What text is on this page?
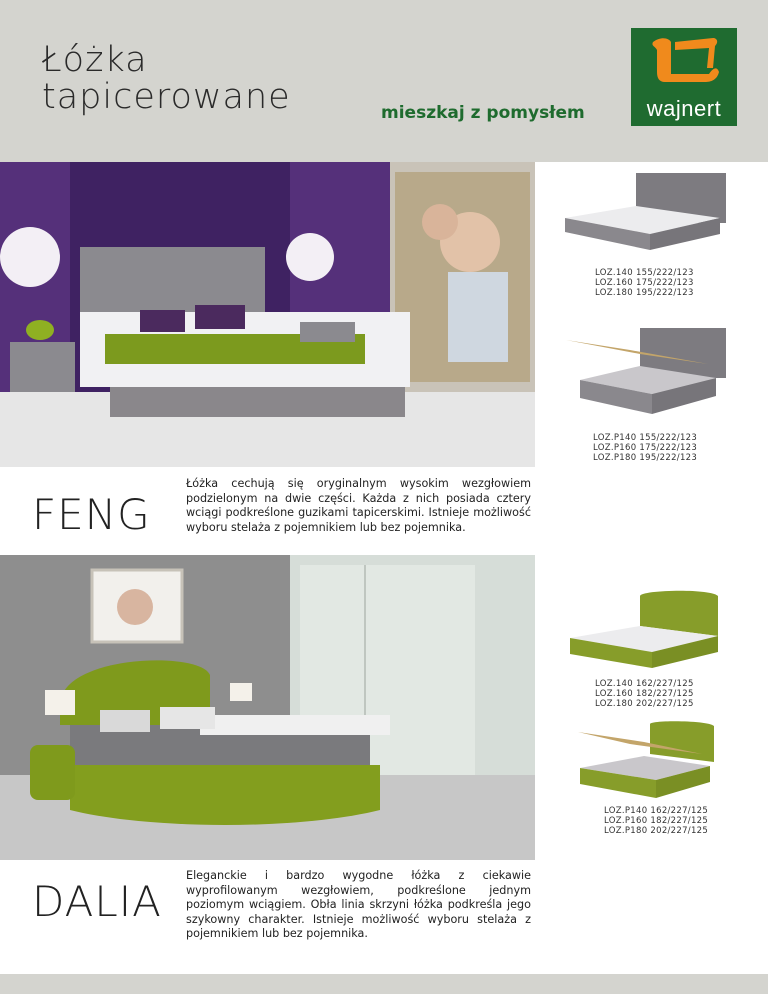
Łóżka
tapicerowane	mieszkaj z pomysłem	wajnert
LOZ.140 155/222/123
LOZ.160 175/222/123
LOZ.180 195/222/123
LOZ.P140 155/222/123
LOZ.P160 175/222/123
LOZ.P180 195/222/123
FENG
Łóżka cechują się oryginalnym wysokim wezgłowiem podzielonym na dwie części. Każda z nich posiada cztery wciągi podkreślone guzikami tapicerskimi. Istnieje możliwość wyboru stelaża z pojemnikiem lub bez pojemnika.
LOZ.140 162/227/125
LOZ.160 182/227/125
LOZ.180 202/227/125
LOZ.P140 162/227/125
LOZ.P160 182/227/125
LOZ.P180 202/227/125
DALIA
Eleganckie i bardzo wygodne łóżka z ciekawie wyprofilowanym wezgłowiem, podkreślone jednym poziomym wciągiem. Obła linia skrzyni łóżka podkreśla jego szykowny charakter. Istnieje możliwość wyboru stelaża z pojemnikiem lub bez pojemnika.
